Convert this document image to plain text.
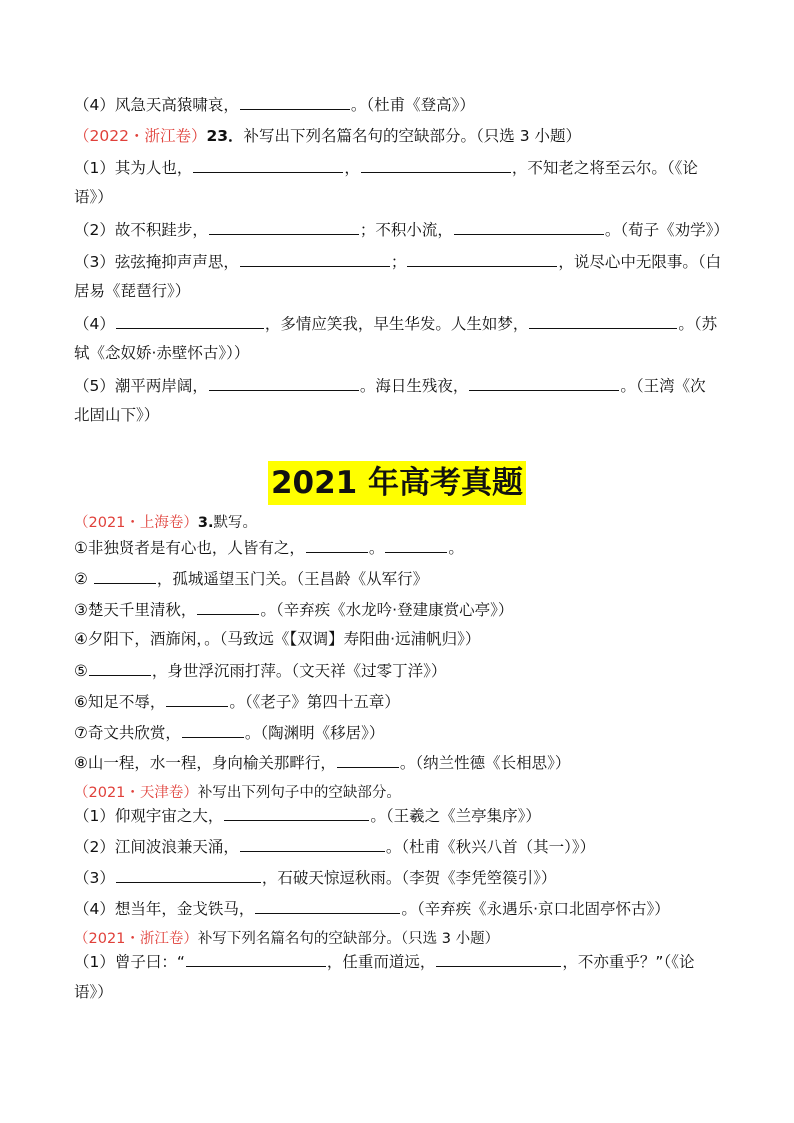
（4）风急天高猿啸哀，	。（杜甫《登高》）
（2022・浙江卷）23．补写出下列名篇名句的空缺部分。（只选 3 小题）
（1）其为人也，	，	，不知老之将至云尔。（《论
语》）
（2）故不积跬步，	；不积小流，	。（荀子《劝学》）
（3）弦弦掩抑声声思，	；	，说尽心中无限事。（白
居易《琵琶行》）
（4）	，多情应笑我，早生华发。人生如梦，	。（苏
轼《念奴娇·赤壁怀古》））
（5）潮平两岸阔，	。海日生残夜，	。（王湾《次
北固山下》）
2021 年高考真题
（2021・上海卷）3.默写。
①非独贤者是有心也，人皆有之，	。	。
②	，孤城遥望玉门关。（王昌龄《从军行》
③楚天千里清秋，	。（辛弃疾《水龙吟·登建康赏心亭》）
④夕阳下，酒旆闲，。（马致远《【双调】寿阳曲·远浦帆归》）
⑤	，身世浮沉雨打萍。（文天祥《过零丁洋》）
⑥知足不辱，	。（《老子》第四十五章）
⑦奇文共欣赏，	。（陶渊明《移居》）
⑧山一程，水一程，身向榆关那畔行，	。（纳兰性德《长相思》）
（2021・天津卷）补写出下列句子中的空缺部分。
（1）仰观宇宙之大，	。（王羲之《兰亭集序》）
（2）江间波浪兼天涌，	。（杜甫《秋兴八首（其一）》）
（3）	，石破天惊逗秋雨。（李贺《李凭箜篌引》）
（4）想当年，金戈铁马，	。（辛弃疾《永遇乐·京口北固亭怀古》）
（2021・浙江卷）补写下列名篇名句的空缺部分。（只选 3 小题）
（1）曾子曰：“	，任重而道远，	，不亦重乎？”（《论
语》）
